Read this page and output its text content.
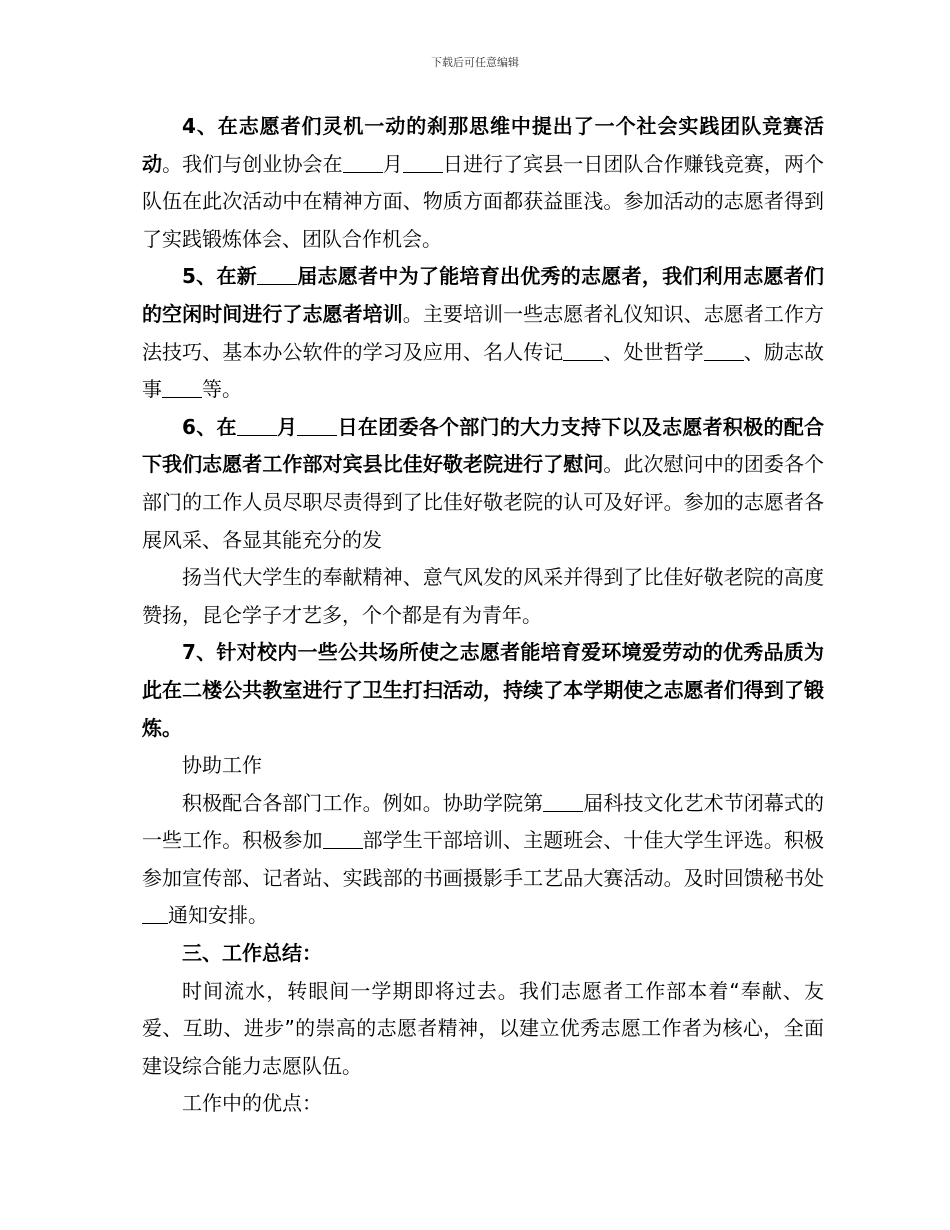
下载后可任意编辑

4、在志愿者们灵机一动的刹那思维中提出了一个社会实践团队竞赛活动。我们与创业协会在 月 日进行了宾县一日团队合作赚钱竞赛，两个队伍在此次活动中在精神方面、物质方面都获益匪浅。参加活动的志愿者得到了实践锻炼体会、团队合作机会。

5、在新 届志愿者中为了能培育出优秀的志愿者，我们利用志愿者们的空闲时间进行了志愿者培训。主要培训一些志愿者礼仪知识、志愿者工作方法技巧、基本办公软件的学习及应用、名人传记 、处世哲学 、励志故事 等。

6、在 月 日在团委各个部门的大力支持下以及志愿者积极的配合下我们志愿者工作部对宾县比佳好敬老院进行了慰问。此次慰问中的团委各个部门的工作人员尽职尽责得到了比佳好敬老院的认可及好评。参加的志愿者各展风采、各显其能充分的发

扬当代大学生的奉献精神、意气风发的风采并得到了比佳好敬老院的高度赞扬，昆仑学子才艺多，个个都是有为青年。

7、针对校内一些公共场所使之志愿者能培育爱环境爱劳动的优秀品质为此在二楼公共教室进行了卫生打扫活动，持续了本学期使之志愿者们得到了锻炼。

协助工作

积极配合各部门工作。例如。协助学院第 届科技文化艺术节闭幕式的一些工作。积极参加 部学生干部培训、主题班会、十佳大学生评选。积极参加宣传部、记者站、实践部的书画摄影手工艺品大赛活动。及时回馈秘书处通知安排。

三、工作总结：

时间流水，转眼间一学期即将过去。我们志愿者工作部本着“奉献、友爱、互助、进步”的崇高的志愿者精神，以建立优秀志愿工作者为核心，全面建设综合能力志愿队伍。

工作中的优点：
